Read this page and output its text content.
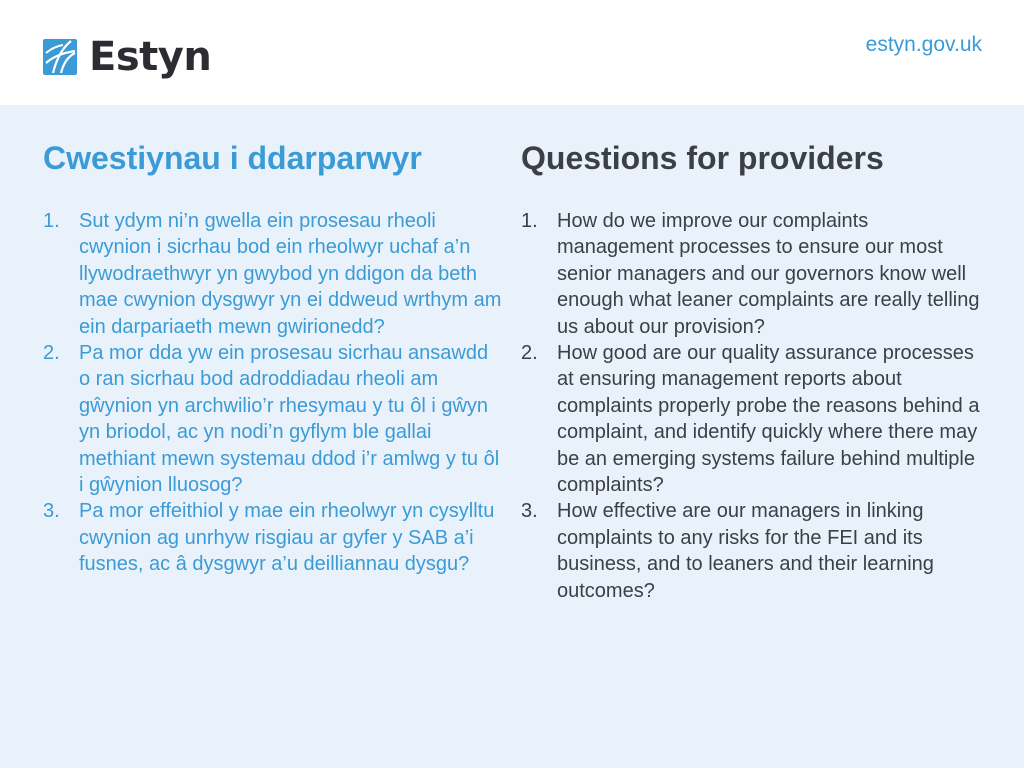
Estyn	estyn.gov.uk
Cwestiynau i ddarparwyr
1. Sut ydym ni’n gwella ein prosesau rheoli cwynion i sicrhau bod ein rheolwyr uchaf a’n llywodraethwyr yn gwybod yn ddigon da beth mae cwynion dysgwyr yn ei ddweud wrthym am ein darpariaeth mewn gwirionedd?
2. Pa mor dda yw ein prosesau sicrhau ansawdd o ran sicrhau bod adroddiadau rheoli am gŵynion yn archwilio’r rhesymau y tu ôl i gŵyn yn briodol, ac yn nodi’n gyflym ble gallai methiant mewn systemau ddod i’r amlwg y tu ôl i gŵynion lluosog?
3. Pa mor effeithiol y mae ein rheolwyr yn cysylltu cwynion ag unrhyw risgiau ar gyfer y SAB a’i fusnes, ac â dysgwyr a’u deilliannau dysgu?
Questions for providers
1. How do we improve our complaints management processes to ensure our most senior managers and our governors know well enough what leaner complaints are really telling us about our provision?
2. How good are our quality assurance processes at ensuring management reports about complaints properly probe the reasons behind a complaint, and identify quickly where there may be an emerging systems failure behind multiple complaints?
3. How effective are our managers in linking complaints to any risks for the FEI and its business, and to leaners and their learning outcomes?
